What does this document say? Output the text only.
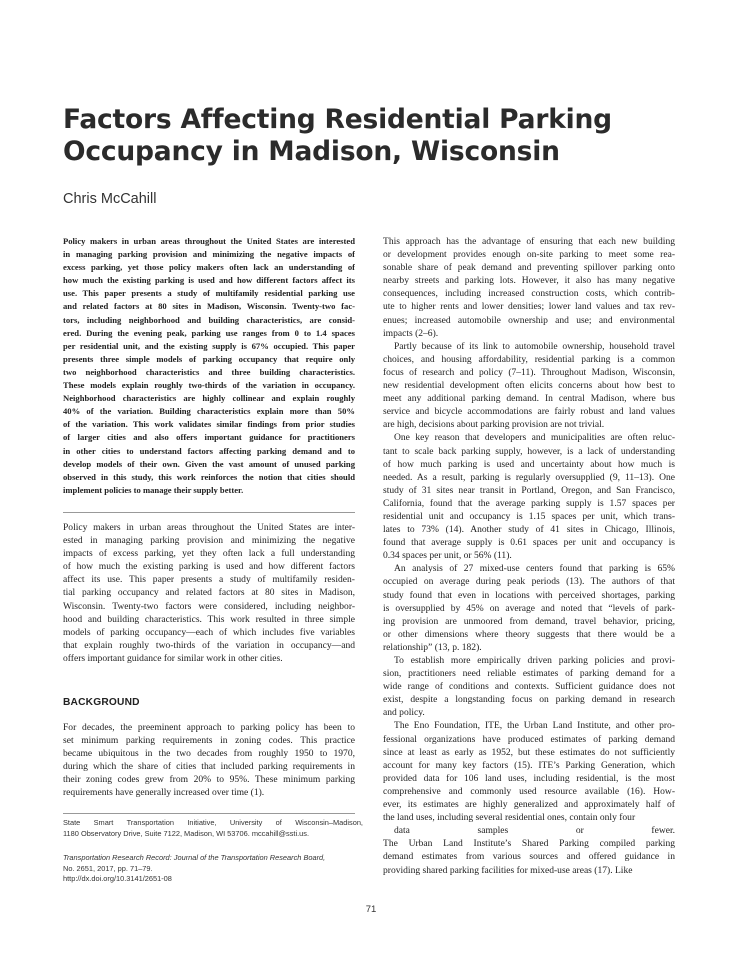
Factors Affecting Residential Parking
Occupancy in Madison, Wisconsin
Chris McCahill
Policy makers in urban areas throughout the United States are interested
in managing parking provision and minimizing the negative impacts of
excess parking, yet those policy makers often lack an understanding of
how much the existing parking is used and how different factors affect its
use. This paper presents a study of multifamily residential parking use
and related factors at 80 sites in Madison, Wisconsin. Twenty-two fac-
tors, including neighborhood and building characteristics, are consid-
ered. During the evening peak, parking use ranges from 0 to 1.4 spaces
per residential unit, and the existing supply is 67% occupied. This paper
presents three simple models of parking occupancy that require only
two neighborhood characteristics and three building characteristics.
These models explain roughly two-thirds of the variation in occupancy.
Neighborhood characteristics are highly collinear and explain roughly
40% of the variation. Building characteristics explain more than 50%
of the variation. This work validates similar findings from prior studies
of larger cities and also offers important guidance for practitioners
in other cities to understand factors affecting parking demand and to
develop models of their own. Given the vast amount of unused parking
observed in this study, this work reinforces the notion that cities should
implement policies to manage their supply better.
Policy makers in urban areas throughout the United States are inter-
ested in managing parking provision and minimizing the negative
impacts of excess parking, yet they often lack a full understanding
of how much the existing parking is used and how different factors
affect its use. This paper presents a study of multifamily residen-
tial parking occupancy and related factors at 80 sites in Madison,
Wisconsin. Twenty-two factors were considered, including neighbor-
hood and building characteristics. This work resulted in three simple
models of parking occupancy—each of which includes five variables
that explain roughly two-thirds of the variation in occupancy—and
offers important guidance for similar work in other cities.
BACKGROUND
For decades, the preeminent approach to parking policy has been to
set minimum parking requirements in zoning codes. This practice
became ubiquitous in the two decades from roughly 1950 to 1970,
during which the share of cities that included parking requirements in
their zoning codes grew from 20% to 95%. These minimum parking
requirements have generally increased over time (1).
State Smart Transportation Initiative, University of Wisconsin–Madison,
1180 Observatory Drive, Suite 7122, Madison, WI 53706. mccahill@ssti.us.
Transportation Research Record: Journal of the Transportation Research Board,
No. 2651, 2017, pp. 71–79.
http://dx.doi.org/10.3141/2651-08
This approach has the advantage of ensuring that each new building
or development provides enough on-site parking to meet some rea-
sonable share of peak demand and preventing spillover parking onto
nearby streets and parking lots. However, it also has many negative
consequences, including increased construction costs, which contrib-
ute to higher rents and lower densities; lower land values and tax rev-
enues; increased automobile ownership and use; and environmental
impacts (2–6).
Partly because of its link to automobile ownership, household travel
choices, and housing affordability, residential parking is a common
focus of research and policy (7–11). Throughout Madison, Wisconsin,
new residential development often elicits concerns about how best to
meet any additional parking demand. In central Madison, where bus
service and bicycle accommodations are fairly robust and land values
are high, decisions about parking provision are not trivial.
One key reason that developers and municipalities are often reluc-
tant to scale back parking supply, however, is a lack of understanding
of how much parking is used and uncertainty about how much is
needed. As a result, parking is regularly oversupplied (9, 11–13). One
study of 31 sites near transit in Portland, Oregon, and San Francisco,
California, found that the average parking supply is 1.57 spaces per
residential unit and occupancy is 1.15 spaces per unit, which trans-
lates to 73% (14). Another study of 41 sites in Chicago, Illinois,
found that average supply is 0.61 spaces per unit and occupancy is
0.34 spaces per unit, or 56% (11).
An analysis of 27 mixed-use centers found that parking is 65%
occupied on average during peak periods (13). The authors of that
study found that even in locations with perceived shortages, parking
is oversupplied by 45% on average and noted that “levels of park-
ing provision are unmoored from demand, travel behavior, pricing,
or other dimensions where theory suggests that there would be a
relationship” (13, p. 182).
To establish more empirically driven parking policies and provi-
sion, practitioners need reliable estimates of parking demand for a
wide range of conditions and contexts. Sufficient guidance does not
exist, despite a longstanding focus on parking demand in research
and policy.
The Eno Foundation, ITE, the Urban Land Institute, and other pro-
fessional organizations have produced estimates of parking demand
since at least as early as 1952, but these estimates do not sufficiently
account for many key factors (15). ITE’s Parking Generation, which
provided data for 106 land uses, including residential, is the most
comprehensive and commonly used resource available (16). How-
ever, its estimates are highly generalized and approximately half of
the land uses, including several residential ones, contain only four
data samples or fewer.
The Urban Land Institute’s Shared Parking compiled parking
demand estimates from various sources and offered guidance in
providing shared parking facilities for mixed-use areas (17). Like
71
